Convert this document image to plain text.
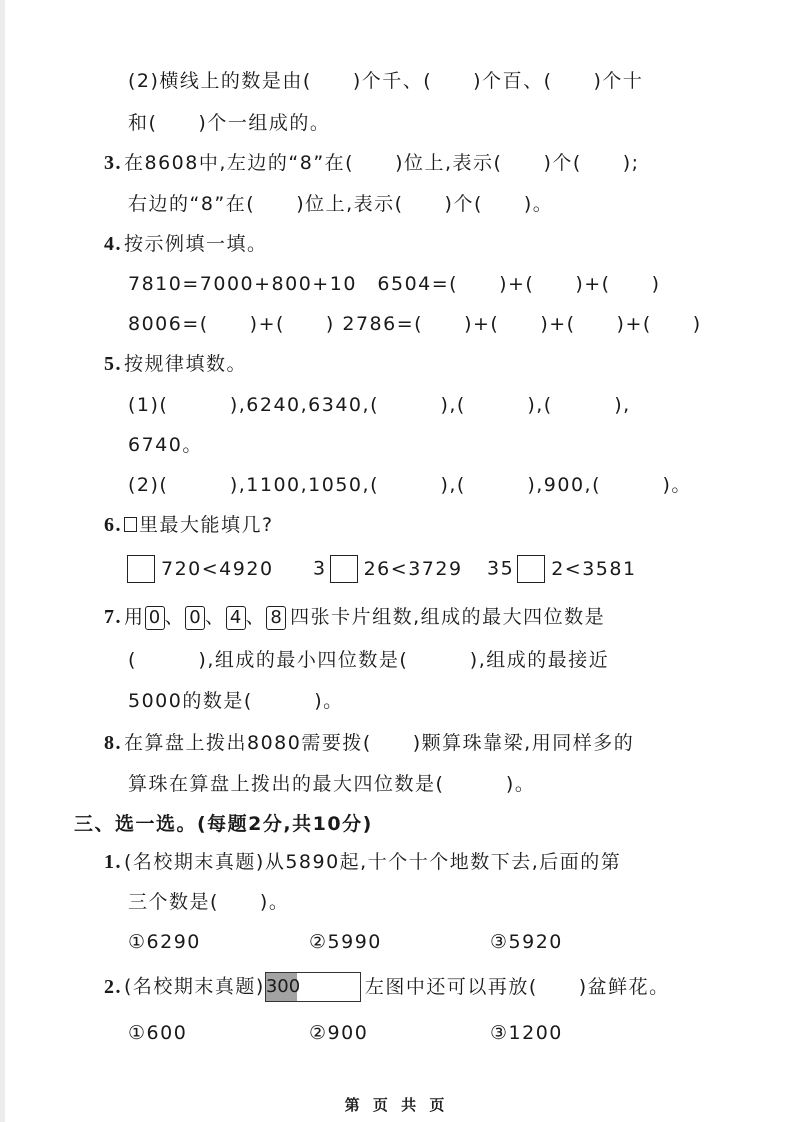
(2)横线上的数是由(　　)个千、(　　)个百、(　　)个十
和(　　)个一组成的。
3. 在8608中,左边的“8”在(　　)位上,表示(　　)个(　　);
右边的“8”在(　　)位上,表示(　　)个(　　)。
4. 按示例填一填。
7810=7000+800+10　6504=(　　)+(　　)+(　　)
8006=(　　)+(　　) 2786=(　　)+(　　)+(　　)+(　　)
5. 按规律填数。
(1)(　　　),6240,6340,(　　　),(　　　),(　　　),
6740。
(2)(　　　),1100,1050,(　　　),(　　　),900,(　　　)。
6. 里最大能填几?
720<4920 3 26<3729 35 2<3581
7. 用 0 、 0 、 4 、 8 四张卡片组数,组成的最大四位数是
(　　　),组成的最小四位数是(　　　),组成的最接近
5000的数是(　　　)。
8. 在算盘上拨出8080需要拨(　　)颗算珠靠梁,用同样多的
算珠在算盘上拨出的最大四位数是(　　　)。
三、选一选。(每题2分,共10分)
1. (名校期末真题)从5890起,十个十个地数下去,后面的第
三个数是(　　)。
①6290	②5990	③5920
2. (名校期末真题) 300	左图中还可以再放(　　)盆鲜花。
①600	②900	③1200
第 页 共 页
